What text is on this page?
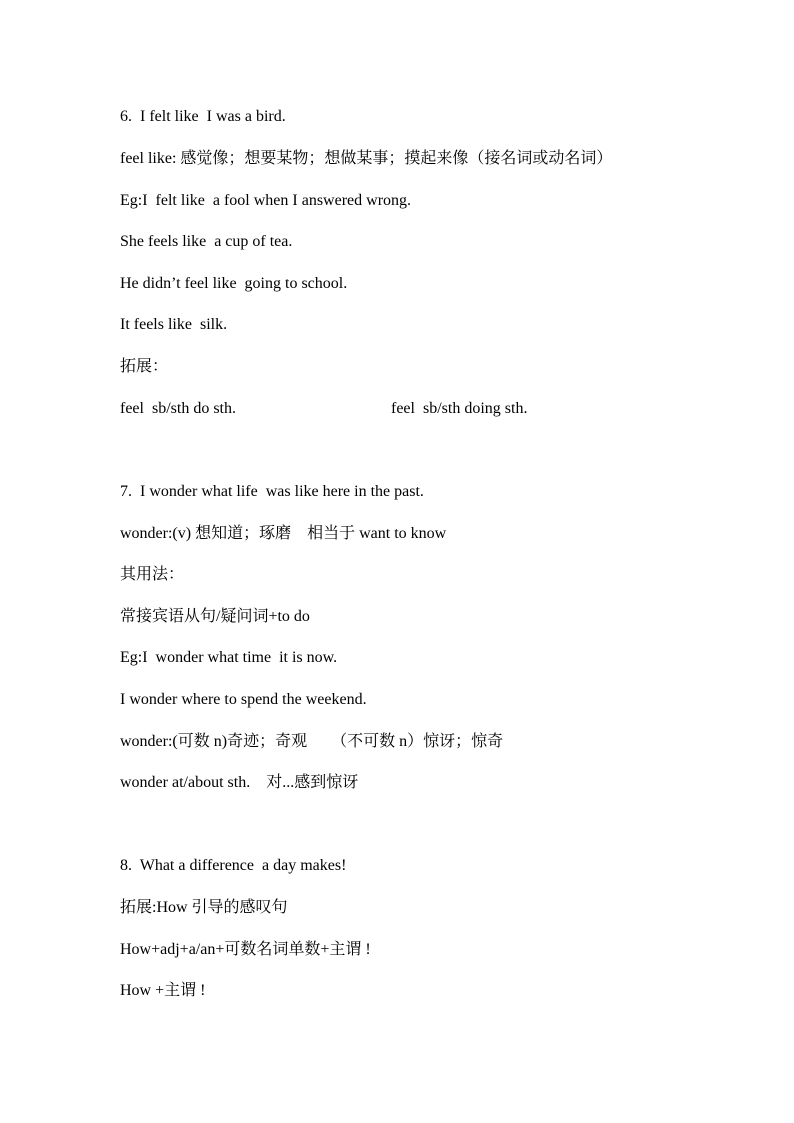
6.  I felt like  I was a bird.
feel like: 感觉像；想要某物；想做某事；摸起来像（接名词或动名词）
Eg:I  felt like  a fool when I answered wrong.
She feels like  a cup of tea.
He didn’t feel like  going to school.
It feels like  silk.
拓展：
feel  sb/sth do sth.	feel  sb/sth doing sth.
7.  I wonder what life  was like here in the past.
wonder:(v) 想知道；琢磨    相当于 want to know
其用法：
常接宾语从句/疑问词+to do
Eg:I  wonder what time  it is now.
I wonder where to spend the weekend.
wonder:(可数 n)奇迹；奇观      （不可数 n）惊讶；惊奇
wonder at/about sth.    对...感到惊讶
8.  What a difference  a day makes!
拓展:How 引导的感叹句
How+adj+a/an+可数名词单数+主谓 !
How +主谓 !
